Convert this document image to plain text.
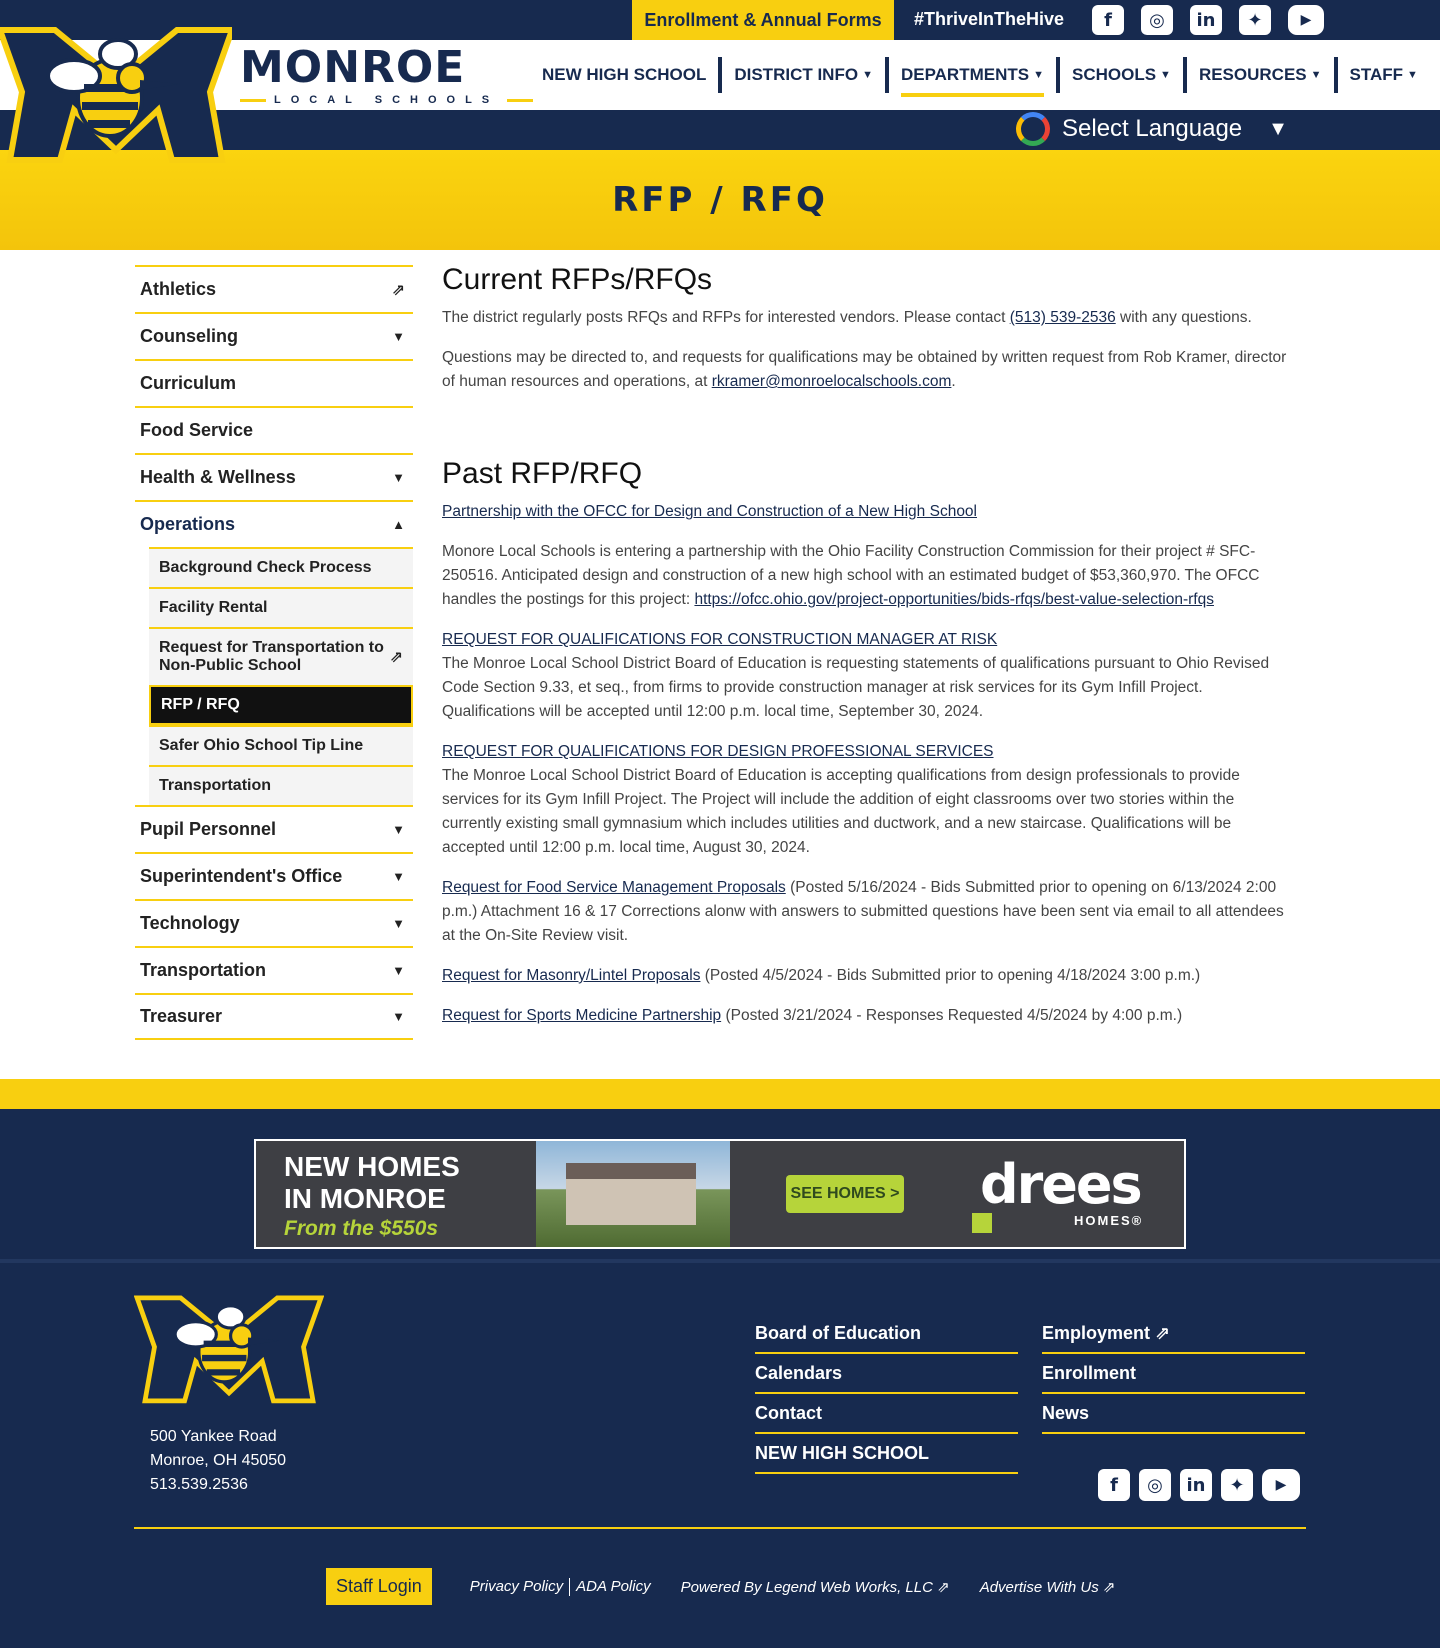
Enrollment & Annual Forms	#ThriveInTheHive	f	◎	in	✦	▶
MONROE
LOCAL SCHOOLS
NEW HIGH SCHOOL DISTRICT INFO ▼ DEPARTMENTS ▼ SCHOOLS ▼ RESOURCES ▼ STAFF ▼
Select Language ▼
RFP / RFQ
Athletics	⇗
Counseling	▼
Curriculum
Food Service
Health & Wellness	▼
Operations	▲
Background Check Process
Facility Rental
Request for Transportation to Non-Public School	⇗
RFP / RFQ
Safer Ohio School Tip Line
Transportation
Pupil Personnel	▼
Superintendent's Office	▼
Technology	▼
Transportation	▼
Treasurer	▼
Current RFPs/RFQs

The district regularly posts RFQs and RFPs for interested vendors. Please contact (513) 539-2536 with any questions.

Questions may be directed to, and requests for qualifications may be obtained by written request from Rob Kramer, director of human resources and operations, at rkramer@monroelocalschools.com.

Past RFP/RFQ

Partnership with the OFCC for Design and Construction of a New High School

Monore Local Schools is entering a partnership with the Ohio Facility Construction Commission for their project # SFC-250516. Anticipated design and construction of a new high school with an estimated budget of $53,360,970. The OFCC handles the postings for this project: https://ofcc.ohio.gov/project-opportunities/bids-rfqs/best-value-selection-rfqs

REQUEST FOR QUALIFICATIONS FOR CONSTRUCTION MANAGER AT RISK
The Monroe Local School District Board of Education is requesting statements of qualifications pursuant to Ohio Revised Code Section 9.33, et seq., from firms to provide construction manager at risk services for its Gym Infill Project. Qualifications will be accepted until 12:00 p.m. local time, September 30, 2024.

REQUEST FOR QUALIFICATIONS FOR DESIGN PROFESSIONAL SERVICES
The Monroe Local School District Board of Education is accepting qualifications from design professionals to provide services for its Gym Infill Project. The Project will include the addition of eight classrooms over two stories within the currently existing small gymnasium which includes utilities and ductwork, and a new staircase. Qualifications will be accepted until 12:00 p.m. local time, August 30, 2024.

Request for Food Service Management Proposals (Posted 5/16/2024 - Bids Submitted prior to opening on 6/13/2024 2:00 p.m.) Attachment 16 & 17 Corrections alonw with answers to submitted questions have been sent via email to all attendees at the On-Site Review visit.

Request for Masonry/Lintel Proposals (Posted 4/5/2024 - Bids Submitted prior to opening 4/18/2024 3:00 p.m.)

Request for Sports Medicine Partnership (Posted 3/21/2024 - Responses Requested 4/5/2024 by 4:00 p.m.)

NEW HOMES
IN MONROE
From the $550s
SEE HOMES > drees
HOMES®
500 Yankee Road
Monroe, OH 45050
513.539.2536
Board of Education	Employment
⇗
Calendars	Enrollment
Contact	News
NEW HIGH SCHOOL
f	◎	in	✦	▶
Staff Login	Privacy Policy ADA Policy Powered By Legend Web Works, LLC ⇗ Advertise With Us ⇗
